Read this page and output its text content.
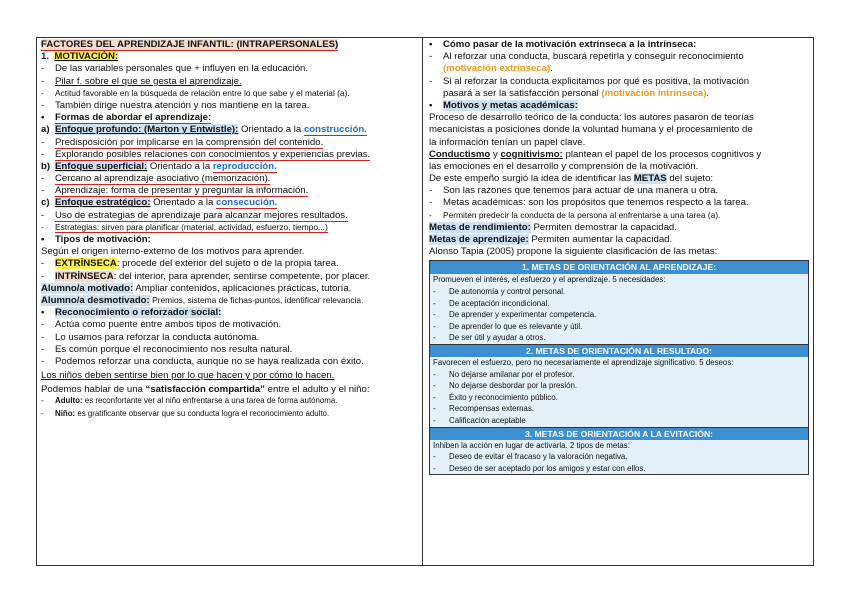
FACTORES DEL APRENDIZAJE INFANTIL: (INTRAPERSONALES)
1. MOTIVACIÓN:
- De las variables personales que + influyen en la educación.
- Pilar f. sobre el que se gesta el aprendizaje.
- Actitud favorable en la búsqueda de relación entre lo que sabe y el material (a).
- También dirige nuestra atención y nos mantiene en la tarea.
• Formas de abordar el aprendizaje:
a) Enfoque profundo: (Marton y Entwistle): Orientado a la construcción.
- Predisposición por implicarse en la comprensión del contenido.
- Explorando posibles relaciones con conocimientos y experiencias previas.
b) Enfoque superficial: Orientado a la reproducción.
- Cercano al aprendizaje asociativo (memorización).
- Aprendizaje: forma de presentar y preguntar la información.
c) Enfoque estratégico: Orientado a la consecución.
- Uso de estrategias de aprendizaje para alcanzar mejores resultados.
- Estrategias: sirven para planificar (material, actividad, esfuerzo, tiempo...)
• Tipos de motivación:
Según el origen interno-externo de los motivos para aprender.
- EXTRÍNSECA: procede del exterior del sujeto o de la propia tarea.
- INTRÍNSECA: del interior, para aprender, sentirse competente, por placer.
Alumno/a motivado: Ampliar contenidos, aplicaciones prácticas, tutoría.
Alumno/a desmotivado: Premios, sistema de fichas-puntos, identificar relevancia.
• Reconocimiento o reforzador social:
- Actúa como puente entre ambos tipos de motivación.
- Lo usamos para reforzar la conducta autónoma.
- Es común porque el reconocimiento nos resulta natural.
- Podemos reforzar una conducta, aunque no se haya realizada con éxito.
Los niños deben sentirse bien por lo que hacen y por cómo lo hacen.
Podemos hablar de una “satisfacción compartida” entre el adulto y el niño:
- Adulto: es reconfortante ver al niño enfrentarse a una tarea de forma autónoma.
- Niño: es gratificante observar que su conducta logra el reconocimiento adulto.
• Cómo pasar de la motivación extrínseca a la intrínseca:
- Al reforzar una conducta, buscará repetirla y conseguir reconocimiento
(motivación extrínseca).
- Si al reforzar la conducta explicitamos por qué es positiva, la motivación
pasará a ser la satisfacción personal (motivación intrínseca).
• Motivos y metas académicas:
Proceso de desarrollo teórico de la conducta: los autores pasaron de teorías
mecanicistas a posiciones donde la voluntad humana y el procesamiento de
la información tenían un papel clave.
Conductismo y cognitivismo: plantean el papel de los procesos cognitivos y
las emociones en el desarrollo y comprensión de la motivación.
De este empeño surgió la idea de identificar las METAS del sujeto:
- Son las razones que tenemos para actuar de una manera u otra.
- Metas académicas: son los propósitos que tenemos respecto a la tarea.
- Permiten predecir la conducta de la persona al enfrentarse a una tarea (a).
Metas de rendimiento: Permiten demostrar la capacidad.
Metas de aprendizaje: Permiten aumentar la capacidad.
Alonso Tapia (2005) propone la siguiente clasificación de las metas:
1. METAS DE ORIENTACIÓN AL APRENDIZAJE:
Promueven el interés, el esfuerzo y el aprendizaje. 5 necesidades:
- De autonomía y control personal.
- De aceptación incondicional.
- De aprender y experimentar competencia.
- De aprender lo que es relevante y útil.
- De ser útil y ayudar a otros.
2. METAS DE ORIENTACIÓN AL RESULTADO:
Favorecen el esfuerzo, pero no necesariamente el aprendizaje significativo. 5 deseos:
- No dejarse amilanar por el profesor.
- No dejarse desbordar por la presión.
- Éxito y reconocimiento público.
- Recompensas externas.
- Calificación aceptable
3. METAS DE ORIENTACIÓN A LA EVITACIÓN:
Inhiben la acción en lugar de activarla. 2 tipos de metas:
- Deseo de evitar el fracaso y la valoración negativa.
- Deseo de ser aceptado por los amigos y estar con ellos.
